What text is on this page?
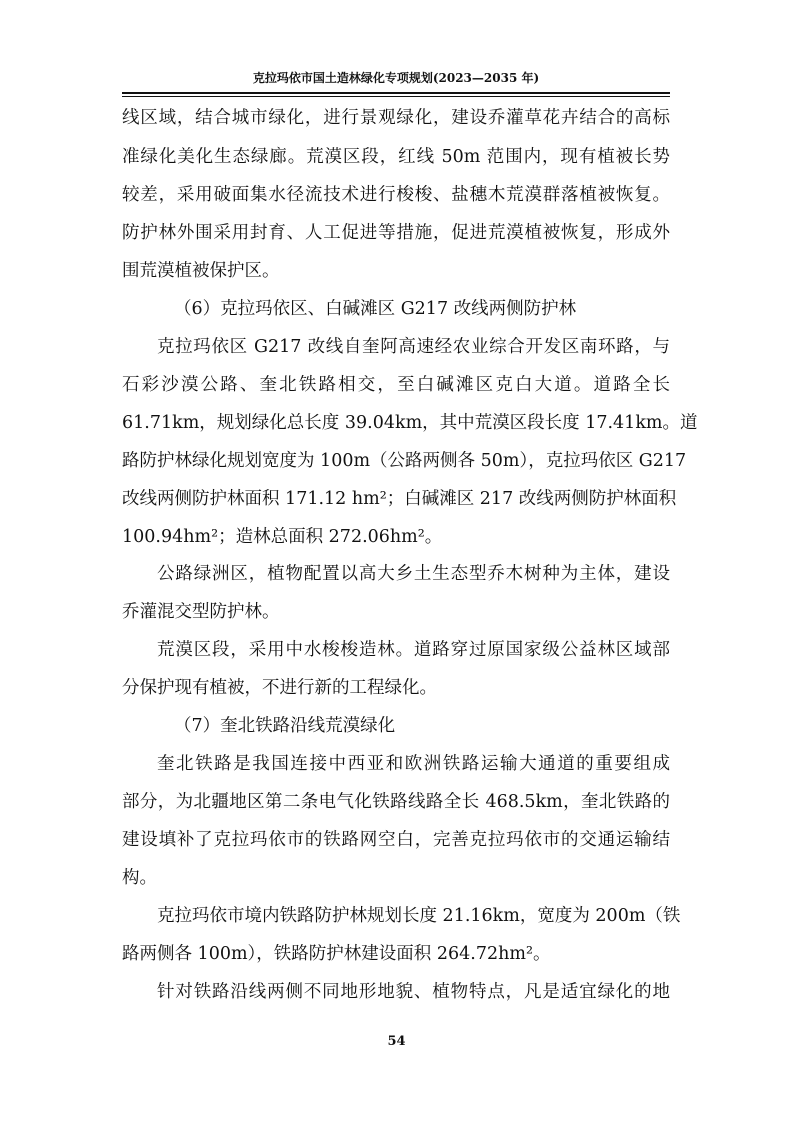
克拉玛依市国土造林绿化专项规划(2023—2035 年)
线区域，结合城市绿化，进行景观绿化，建设乔灌草花卉结合的高标
准绿化美化生态绿廊。荒漠区段，红线 50m 范围内，现有植被长势
较差，采用破面集水径流技术进行梭梭、盐穗木荒漠群落植被恢复。
防护林外围采用封育、人工促进等措施，促进荒漠植被恢复，形成外
围荒漠植被保护区。
（6）克拉玛依区、白碱滩区 G217 改线两侧防护林
克拉玛依区 G217 改线自奎阿高速经农业综合开发区南环路，与
石彩沙漠公路、奎北铁路相交，至白碱滩区克白大道。道路全长
61.71km，规划绿化总长度 39.04km，其中荒漠区段长度 17.41km。道
路防护林绿化规划宽度为 100m（公路两侧各 50m），克拉玛依区 G217
改线两侧防护林面积 171.12 hm²；白碱滩区 217 改线两侧防护林面积
100.94hm²；造林总面积 272.06hm²。
公路绿洲区，植物配置以高大乡土生态型乔木树种为主体，建设
乔灌混交型防护林。
荒漠区段，采用中水梭梭造林。道路穿过原国家级公益林区域部
分保护现有植被，不进行新的工程绿化。
（7）奎北铁路沿线荒漠绿化
奎北铁路是我国连接中西亚和欧洲铁路运输大通道的重要组成
部分，为北疆地区第二条电气化铁路线路全长 468.5km，奎北铁路的
建设填补了克拉玛依市的铁路网空白，完善克拉玛依市的交通运输结
构。
克拉玛依市境内铁路防护林规划长度 21.16km，宽度为 200m（铁
路两侧各 100m），铁路防护林建设面积 264.72hm²。
针对铁路沿线两侧不同地形地貌、植物特点，凡是适宜绿化的地
54
